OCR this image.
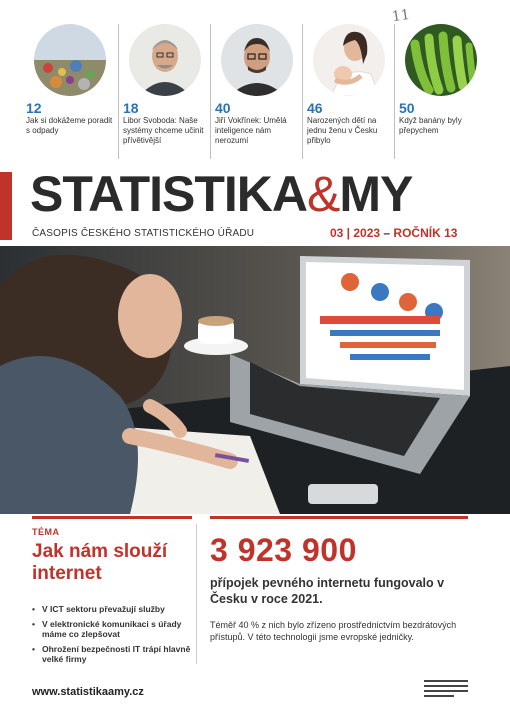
12
Jak si dokážeme poradit s odpady
18
Libor Svoboda: Naše systémy chceme učinit přívětivější
40
Jiří Vokřínek: Umělá inteligence nám nerozumí
46
Narozených dětí na jednu ženu v Česku přibylo
50
Když banány byly přepychem
11
STATISTIKA&MY
ČASOPIS ČESKÉHO STATISTICKÉHO ÚŘADU	03 | 2023 – ROČNÍK 13
TÉMA
Jak nám slouží internet
• V ICT sektoru převažují služby
• V elektronické komunikaci s úřady máme co zlepšovat
• Ohrožení bezpečnosti IT trápí hlavně velké firmy
3 923 900
přípojek pevného internetu fungovalo v Česku v roce 2021.
Téměř 40 % z nich bylo zřízeno prostřednictvím bezdrátových přístupů. V této technologii jsme evropské jedničky.
www.statistikaamy.cz
